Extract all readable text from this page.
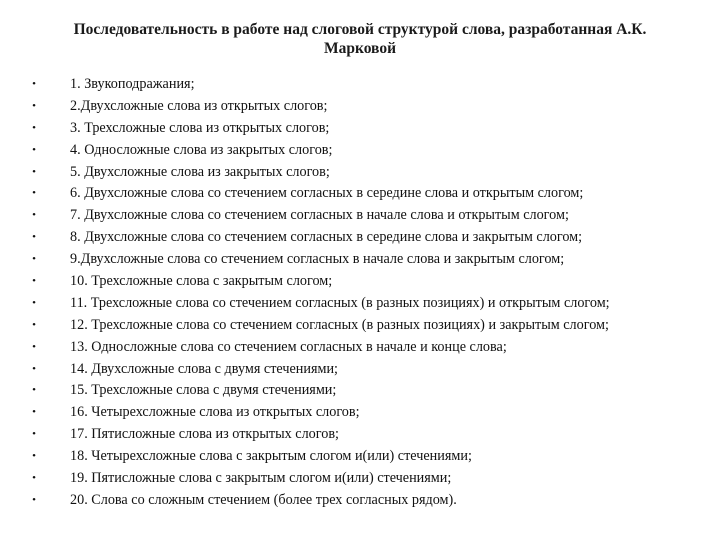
Последовательность в работе над слоговой структурой слова, разработанная А.К. Марковой
• 1. Звукоподражания;
• 2.Двухсложные слова из открытых слогов;
• 3. Трехсложные слова из открытых слогов;
• 4. Односложные слова из закрытых слогов;
• 5. Двухсложные слова из закрытых слогов;
• 6. Двухсложные слова со стечением согласных в середине слова и открытым слогом;
• 7. Двухсложные слова со стечением согласных в начале слова и открытым слогом;
• 8. Двухсложные слова со стечением согласных в середине слова и закрытым слогом;
• 9.Двухсложные слова со стечением согласных в начале слова и закрытым слогом;
• 10. Трехсложные слова с закрытым слогом;
• 11. Трехсложные слова со стечением согласных (в разных позициях) и открытым слогом;
• 12. Трехсложные слова со стечением согласных (в разных позициях) и закрытым слогом;
• 13. Односложные слова со стечением согласных в начале и конце слова;
• 14. Двухсложные слова с двумя стечениями;
• 15. Трехсложные слова с двумя стечениями;
• 16. Четырехсложные слова из открытых слогов;
• 17. Пятисложные слова из открытых слогов;
• 18. Четырехсложные слова с закрытым слогом и(или) стечениями;
• 19. Пятисложные слова с закрытым слогом и(или) стечениями;
• 20. Слова со сложным стечением (более трех согласных рядом).
